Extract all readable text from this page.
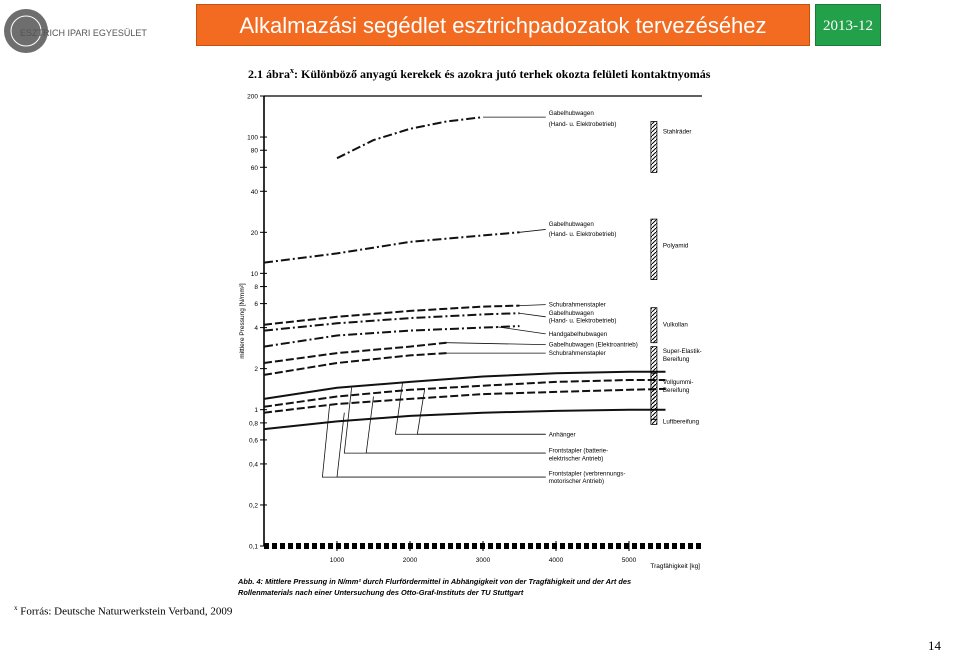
ESZTRICH IPARI EGYESÜLET	Alkalmazási segédlet esztrichpadozatok tervezéséhez	2013-12
2.1 ábra$^x$: Különböző anyagú kerekek és azokra jutó terhek okozta felületi kontaktnyomás
0,1
0,2
0,4
0,6
0,8
1
2
4
6
8
10
20
40
60
80
100
200
1000	2000	3000	4000	5000
Tragfähigkeit [kg]
mittlere Pressung [N/mm²]
Gabelhubwagen
(Hand- u. Elektrobetrieb)
Gabelhubwagen
(Hand- u. Elektrobetrieb)
Schubrahmenstapler
Gabelhubwagen
(Hand- u. Elektrobetrieb)
Handgabelhubwagen
Gabelhubwagen (Elektroantrieb)
Schubrahmenstapler
Anhänger
Frontstapler (batterie-
elektrischer Antrieb)
Frontstapler (verbrennungs-
motorischer Antrieb)
Stahlräder
Polyamid
Vulkollan
Super-Elastik-
Bereifung
Vollgummi-
Bereifung
Luftbereifung
Abb. 4: Mittlere Pressung in N/mm² durch Flurfördermittel in Abhängigkeit von der Tragfähigkeit und der Art des
Rollenmaterials nach einer Untersuchung des Otto-Graf-Instituts der TU Stuttgart
$^x$ Forrás: Deutsche Naturwerkstein Verband, 2009
14
